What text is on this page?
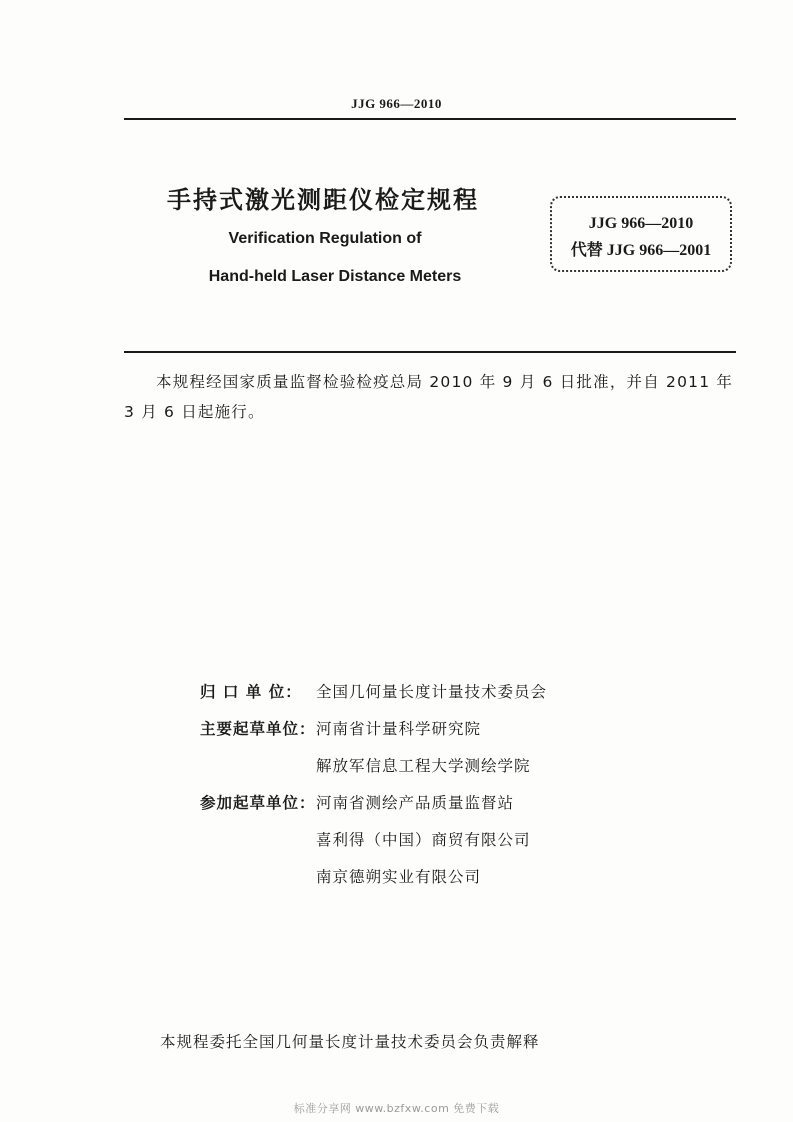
JJG 966—2010
手持式激光测距仪检定规程
Verification Regulation of
Hand-held Laser Distance Meters
JJG 966—2010
代替 JJG 966—2001
本规程经国家质量监督检验检疫总局 2010 年 9 月 6 日批准，并自 2011 年 3 月 6 日起施行。
归 口 单 位： 全国几何量长度计量技术委员会
主要起草单位： 河南省计量科学研究院
解放军信息工程大学测绘学院
参加起草单位： 河南省测绘产品质量监督站
喜利得（中国）商贸有限公司
南京德朔实业有限公司
本规程委托全国几何量长度计量技术委员会负责解释
标准分享网 www.bzfxw.com 免费下载
